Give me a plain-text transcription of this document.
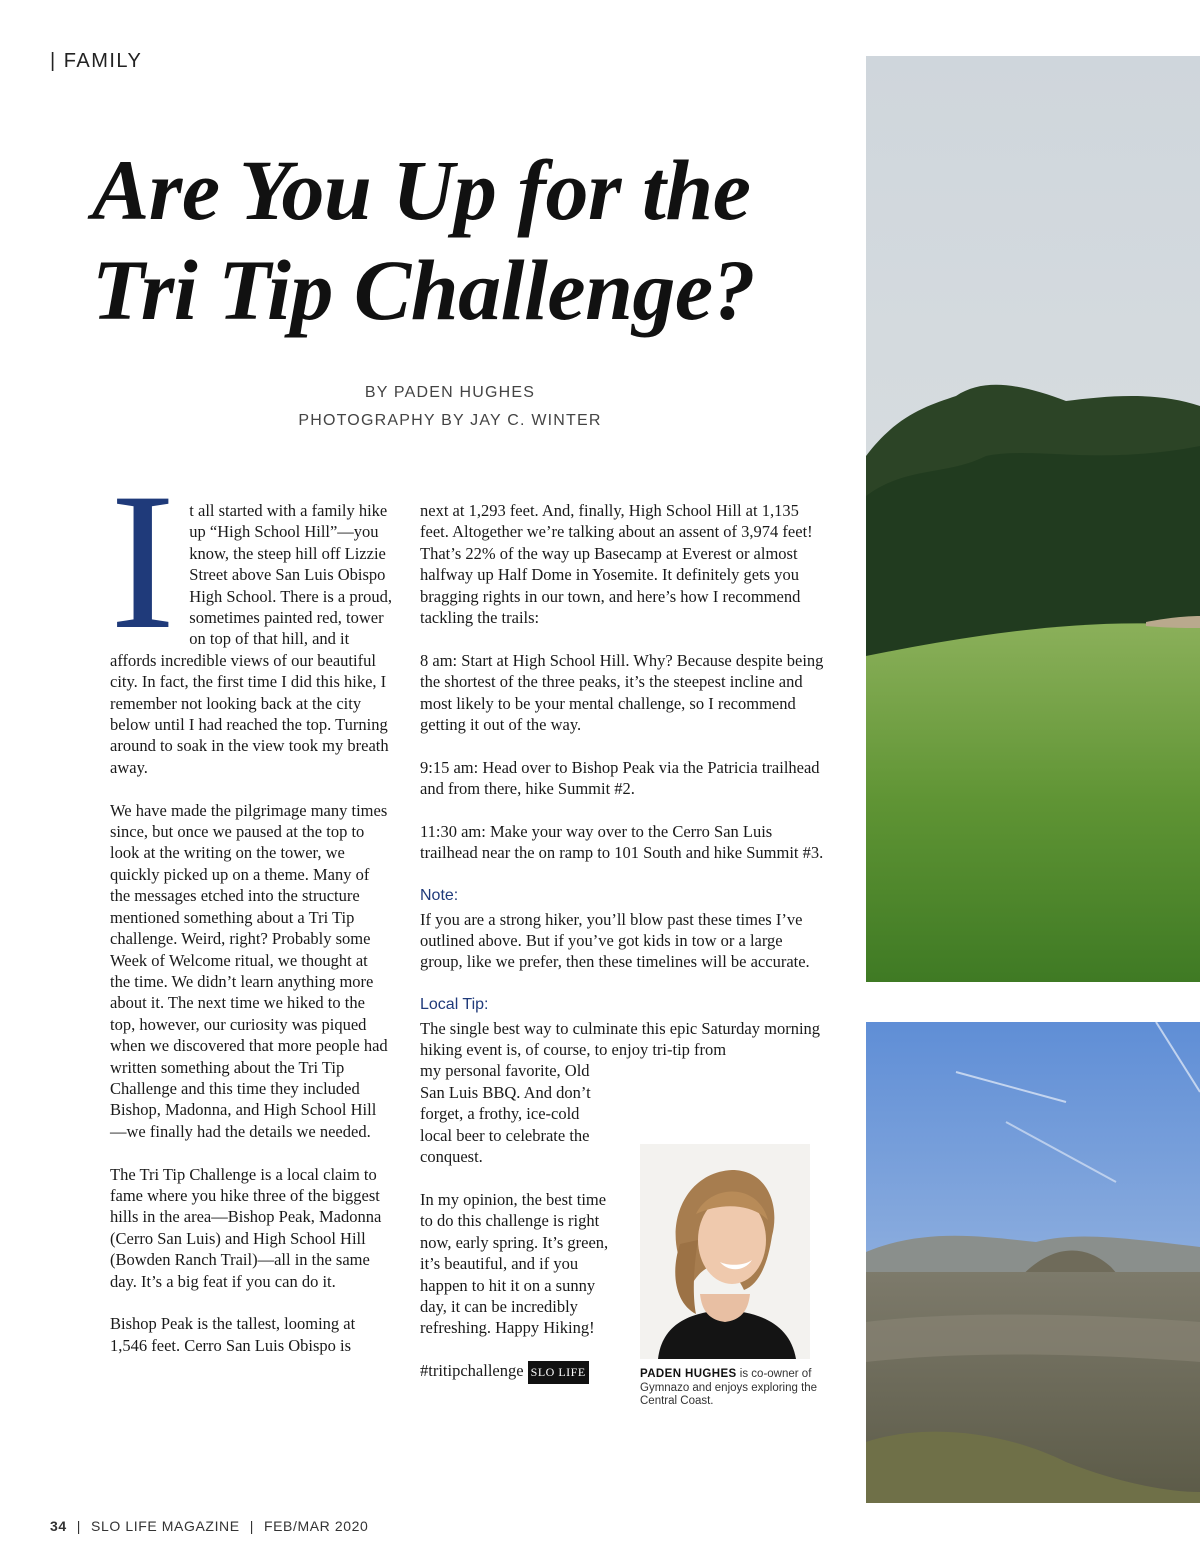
| FAMILY
Are You Up for the
Tri Tip Challenge?
BY PADEN HUGHES
PHOTOGRAPHY BY JAY C. WINTER

It all started with a family hike up “High School Hill”—you know, the steep hill off Lizzie Street above San Luis Obispo High School. There is a proud, sometimes painted red, tower on top of that hill, and it affords incredible views of our beautiful city. In fact, the first time I did this hike, I remember not looking back at the city below until I had reached the top. Turning around to soak in the view took my breath away.

We have made the pilgrimage many times since, but once we paused at the top to look at the writing on the tower, we quickly picked up on a theme. Many of the messages etched into the structure mentioned something about a Tri Tip challenge. Weird, right? Probably some Week of Welcome ritual, we thought at the time. We didn’t learn anything more about it. The next time we hiked to the top, however, our curiosity was piqued when we discovered that more people had written something about the Tri Tip Challenge and this time they included Bishop, Madonna, and High School Hill—we finally had the details we needed.

The Tri Tip Challenge is a local claim to fame where you hike three of the biggest hills in the area—Bishop Peak, Madonna (Cerro San Luis) and High School Hill (Bowden Ranch Trail)—all in the same day. It’s a big feat if you can do it.

Bishop Peak is the tallest, looming at 1,546 feet. Cerro San Luis Obispo is

next at 1,293 feet. And, finally, High School Hill at 1,135 feet. Altogether we’re talking about an assent of 3,974 feet! That’s 22% of the way up Basecamp at Everest or almost halfway up Half Dome in Yosemite. It definitely gets you bragging rights in our town, and here’s how I recommend tackling the trails:

8 am: Start at High School Hill. Why? Because despite being the shortest of the three peaks, it’s the steepest incline and most likely to be your mental challenge, so I recommend getting it out of the way.

9:15 am: Head over to Bishop Peak via the Patricia trailhead and from there, hike Summit #2.

11:30 am: Make your way over to the Cerro San Luis trailhead near the on ramp to 101 South and hike Summit #3.

Note:

If you are a strong hiker, you’ll blow past these times I’ve outlined above. But if you’ve got kids in tow or a large group, like we prefer, then these timelines will be accurate.

Local Tip:
The single best way to culminate this epic Saturday morning hiking event is, of course, to enjoy tri-tip from

my personal favorite, Old San Luis BBQ. And don’t forget, a frothy, ice-cold local beer to celebrate the conquest.

In my opinion, the best time to do this challenge is right now, early spring. It’s green, it’s beautiful, and if you happen to hit it on a sunny day, it can be incredibly refreshing. Happy Hiking!

#tritipchallenge SLO LIFE	PADEN HUGHES is co-owner of Gymnazo and enjoys exploring the Central Coast.
34 | SLO LIFE MAGAZINE | FEB/MAR 2020
